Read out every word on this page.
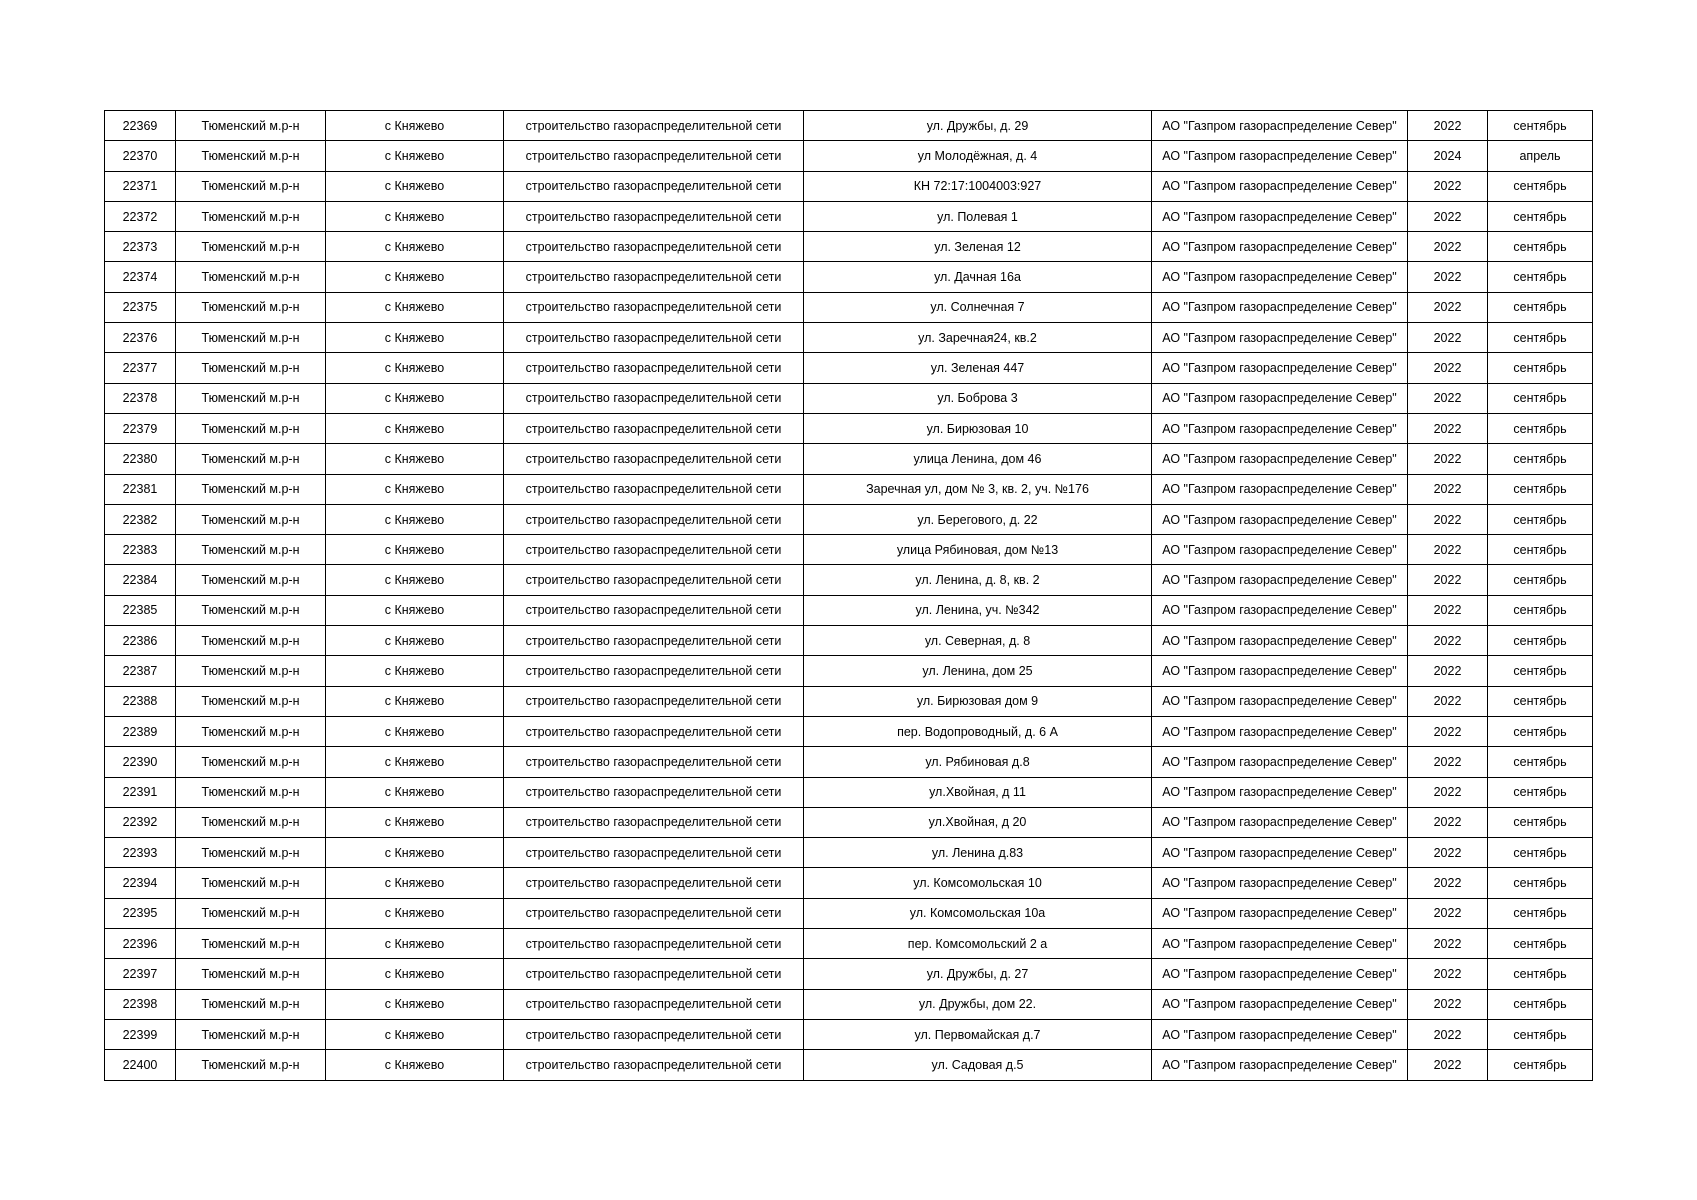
22369	Тюменский м.р-н	с Княжево	строительство газораспределительной сети	ул. Дружбы, д. 29	АО "Газпром газораспределение Север"	2022	сентябрь
22370	Тюменский м.р-н	с Княжево	строительство газораспределительной сети	ул Молодёжная, д. 4	АО "Газпром газораспределение Север"	2024	апрель
22371	Тюменский м.р-н	с Княжево	строительство газораспределительной сети	КН 72:17:1004003:927	АО "Газпром газораспределение Север"	2022	сентябрь
22372	Тюменский м.р-н	с Княжево	строительство газораспределительной сети	ул. Полевая 1	АО "Газпром газораспределение Север"	2022	сентябрь
22373	Тюменский м.р-н	с Княжево	строительство газораспределительной сети	ул. Зеленая 12	АО "Газпром газораспределение Север"	2022	сентябрь
22374	Тюменский м.р-н	с Княжево	строительство газораспределительной сети	ул. Дачная 16а	АО "Газпром газораспределение Север"	2022	сентябрь
22375	Тюменский м.р-н	с Княжево	строительство газораспределительной сети	ул. Солнечная 7	АО "Газпром газораспределение Север"	2022	сентябрь
22376	Тюменский м.р-н	с Княжево	строительство газораспределительной сети	ул. Заречная24, кв.2	АО "Газпром газораспределение Север"	2022	сентябрь
22377	Тюменский м.р-н	с Княжево	строительство газораспределительной сети	ул. Зеленая 447	АО "Газпром газораспределение Север"	2022	сентябрь
22378	Тюменский м.р-н	с Княжево	строительство газораспределительной сети	ул. Боброва 3	АО "Газпром газораспределение Север"	2022	сентябрь
22379	Тюменский м.р-н	с Княжево	строительство газораспределительной сети	ул. Бирюзовая 10	АО "Газпром газораспределение Север"	2022	сентябрь
22380	Тюменский м.р-н	с Княжево	строительство газораспределительной сети	улица Ленина, дом 46	АО "Газпром газораспределение Север"	2022	сентябрь
22381	Тюменский м.р-н	с Княжево	строительство газораспределительной сети	Заречная ул, дом № 3, кв. 2, уч. №176	АО "Газпром газораспределение Север"	2022	сентябрь
22382	Тюменский м.р-н	с Княжево	строительство газораспределительной сети	ул. Берегового, д. 22	АО "Газпром газораспределение Север"	2022	сентябрь
22383	Тюменский м.р-н	с Княжево	строительство газораспределительной сети	улица Рябиновая, дом №13	АО "Газпром газораспределение Север"	2022	сентябрь
22384	Тюменский м.р-н	с Княжево	строительство газораспределительной сети	ул. Ленина, д. 8, кв. 2	АО "Газпром газораспределение Север"	2022	сентябрь
22385	Тюменский м.р-н	с Княжево	строительство газораспределительной сети	ул. Ленина, уч. №342	АО "Газпром газораспределение Север"	2022	сентябрь
22386	Тюменский м.р-н	с Княжево	строительство газораспределительной сети	ул. Северная, д. 8	АО "Газпром газораспределение Север"	2022	сентябрь
22387	Тюменский м.р-н	с Княжево	строительство газораспределительной сети	ул. Ленина, дом 25	АО "Газпром газораспределение Север"	2022	сентябрь
22388	Тюменский м.р-н	с Княжево	строительство газораспределительной сети	ул. Бирюзовая дом 9	АО "Газпром газораспределение Север"	2022	сентябрь
22389	Тюменский м.р-н	с Княжево	строительство газораспределительной сети	пер. Водопроводный, д. 6 А	АО "Газпром газораспределение Север"	2022	сентябрь
22390	Тюменский м.р-н	с Княжево	строительство газораспределительной сети	ул. Рябиновая д.8	АО "Газпром газораспределение Север"	2022	сентябрь
22391	Тюменский м.р-н	с Княжево	строительство газораспределительной сети	ул.Хвойная, д 11	АО "Газпром газораспределение Север"	2022	сентябрь
22392	Тюменский м.р-н	с Княжево	строительство газораспределительной сети	ул.Хвойная, д 20	АО "Газпром газораспределение Север"	2022	сентябрь
22393	Тюменский м.р-н	с Княжево	строительство газораспределительной сети	ул. Ленина д.83	АО "Газпром газораспределение Север"	2022	сентябрь
22394	Тюменский м.р-н	с Княжево	строительство газораспределительной сети	ул. Комсомольская 10	АО "Газпром газораспределение Север"	2022	сентябрь
22395	Тюменский м.р-н	с Княжево	строительство газораспределительной сети	ул. Комсомольская 10а	АО "Газпром газораспределение Север"	2022	сентябрь
22396	Тюменский м.р-н	с Княжево	строительство газораспределительной сети	пер. Комсомольский 2 а	АО "Газпром газораспределение Север"	2022	сентябрь
22397	Тюменский м.р-н	с Княжево	строительство газораспределительной сети	ул. Дружбы, д. 27	АО "Газпром газораспределение Север"	2022	сентябрь
22398	Тюменский м.р-н	с Княжево	строительство газораспределительной сети	ул. Дружбы, дом 22.	АО "Газпром газораспределение Север"	2022	сентябрь
22399	Тюменский м.р-н	с Княжево	строительство газораспределительной сети	ул. Первомайская д.7	АО "Газпром газораспределение Север"	2022	сентябрь
22400	Тюменский м.р-н	с Княжево	строительство газораспределительной сети	ул. Садовая д.5	АО "Газпром газораспределение Север"	2022	сентябрь
